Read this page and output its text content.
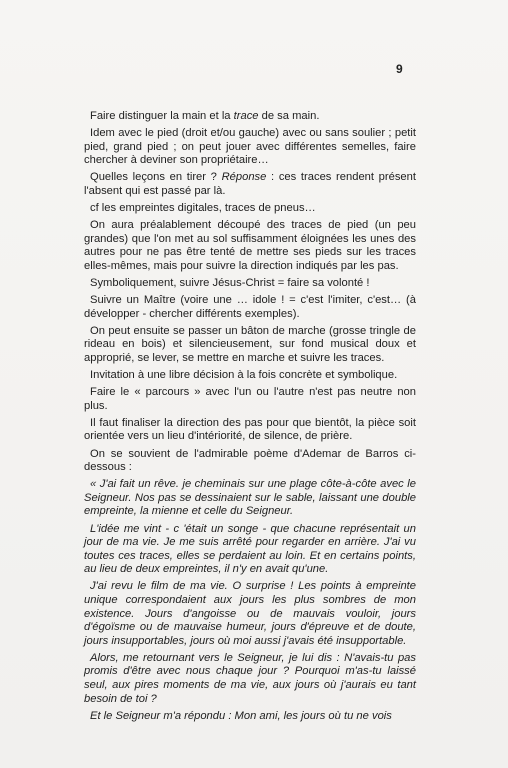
9

Faire distinguer la main et la trace de sa main.

Idem avec le pied (droit et/ou gauche) avec ou sans soulier ; petit pied, grand pied ; on peut jouer avec différentes semelles, faire chercher à deviner son propriétaire…

Quelles leçons en tirer ? Réponse : ces traces rendent présent l'absent qui est passé par là.

cf les empreintes digitales, traces de pneus…

On aura préalablement découpé des traces de pied (un peu grandes) que l'on met au sol suffisamment éloignées les unes des autres pour ne pas être tenté de mettre ses pieds sur les traces elles-mêmes, mais pour suivre la direction indiqués par les pas.

Symboliquement, suivre Jésus-Christ = faire sa volonté !

Suivre un Maître (voire une … idole ! = c'est l'imiter, c'est… (à développer - chercher différents exemples).

On peut ensuite se passer un bâton de marche (grosse tringle de rideau en bois) et silencieusement, sur fond musical doux et approprié, se lever, se mettre en marche et suivre les traces.

Invitation à une libre décision à la fois concrète et symbolique.

Faire le « parcours » avec l'un ou l'autre n'est pas neutre non plus.

Il faut finaliser la direction des pas pour que bientôt, la pièce soit orientée vers un lieu d'intériorité, de silence, de prière.

On se souvient de l'admirable poème d'Ademar de Barros ci-dessous :

« J'ai fait un rêve. je cheminais sur une plage côte-à-côte avec le Seigneur. Nos pas se dessinaient sur le sable, laissant une double empreinte, la mienne et celle du Seigneur.

L'idée me vint - c 'était un songe - que chacune représentait un jour de ma vie. Je me suis arrêté pour regarder en arrière. J'ai vu toutes ces traces, elles se perdaient au loin. Et en certains points, au lieu de deux empreintes, il n'y en avait qu'une.

J'ai revu le film de ma vie. O surprise ! Les points à empreinte unique correspondaient aux jours les plus sombres de mon existence. Jours d'angoisse ou de mauvais vouloir, jours d'égoïsme ou de mauvaise humeur, jours d'épreuve et de doute, jours insupportables, jours où moi aussi j'avais été insupportable.

Alors, me retournant vers le Seigneur, je lui dis : N'avais-tu pas promis d'être avec nous chaque jour ? Pourquoi m'as-tu laissé seul, aux pires moments de ma vie, aux jours où j'aurais eu tant besoin de toi ?

Et le Seigneur m'a répondu : Mon ami, les jours où tu ne vois
